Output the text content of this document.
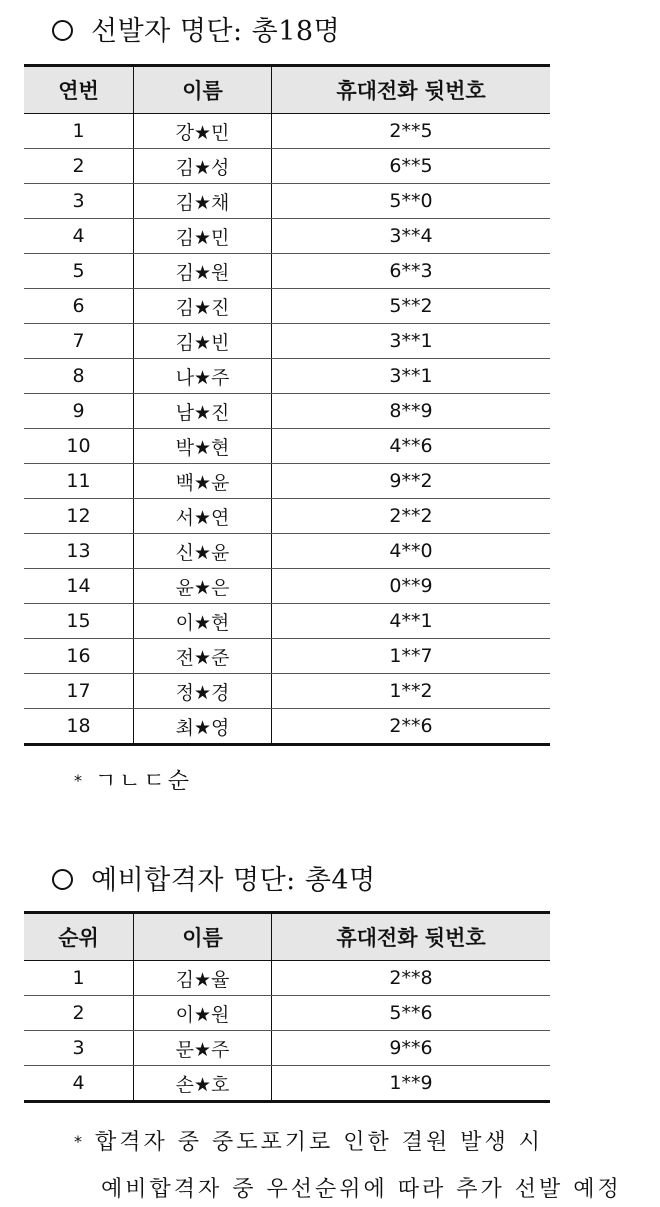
선발자 명단: 총18명
연번	이름	휴대전화 뒷번호
1	강★민	2**5
2	김★성	6**5
3	김★채	5**0
4	김★민	3**4
5	김★원	6**3
6	김★진	5**2
7	김★빈	3**1
8	나★주	3**1
9	남★진	8**9
10	박★현	4**6
11	백★윤	9**2
12	서★연	2**2
13	신★윤	4**0
14	윤★은	0**9
15	이★현	4**1
16	전★준	1**7
17	정★경	1**2
18	최★영	2**6
* ㄱㄴㄷ순
예비합격자 명단: 총4명
순위	이름	휴대전화 뒷번호
1	김★율	2**8
2	이★원	5**6
3	문★주	9**6
4	손★호	1**9
* 합격자 중 중도포기로 인한 결원 발생 시
예비합격자 중 우선순위에 따라 추가 선발 예정
